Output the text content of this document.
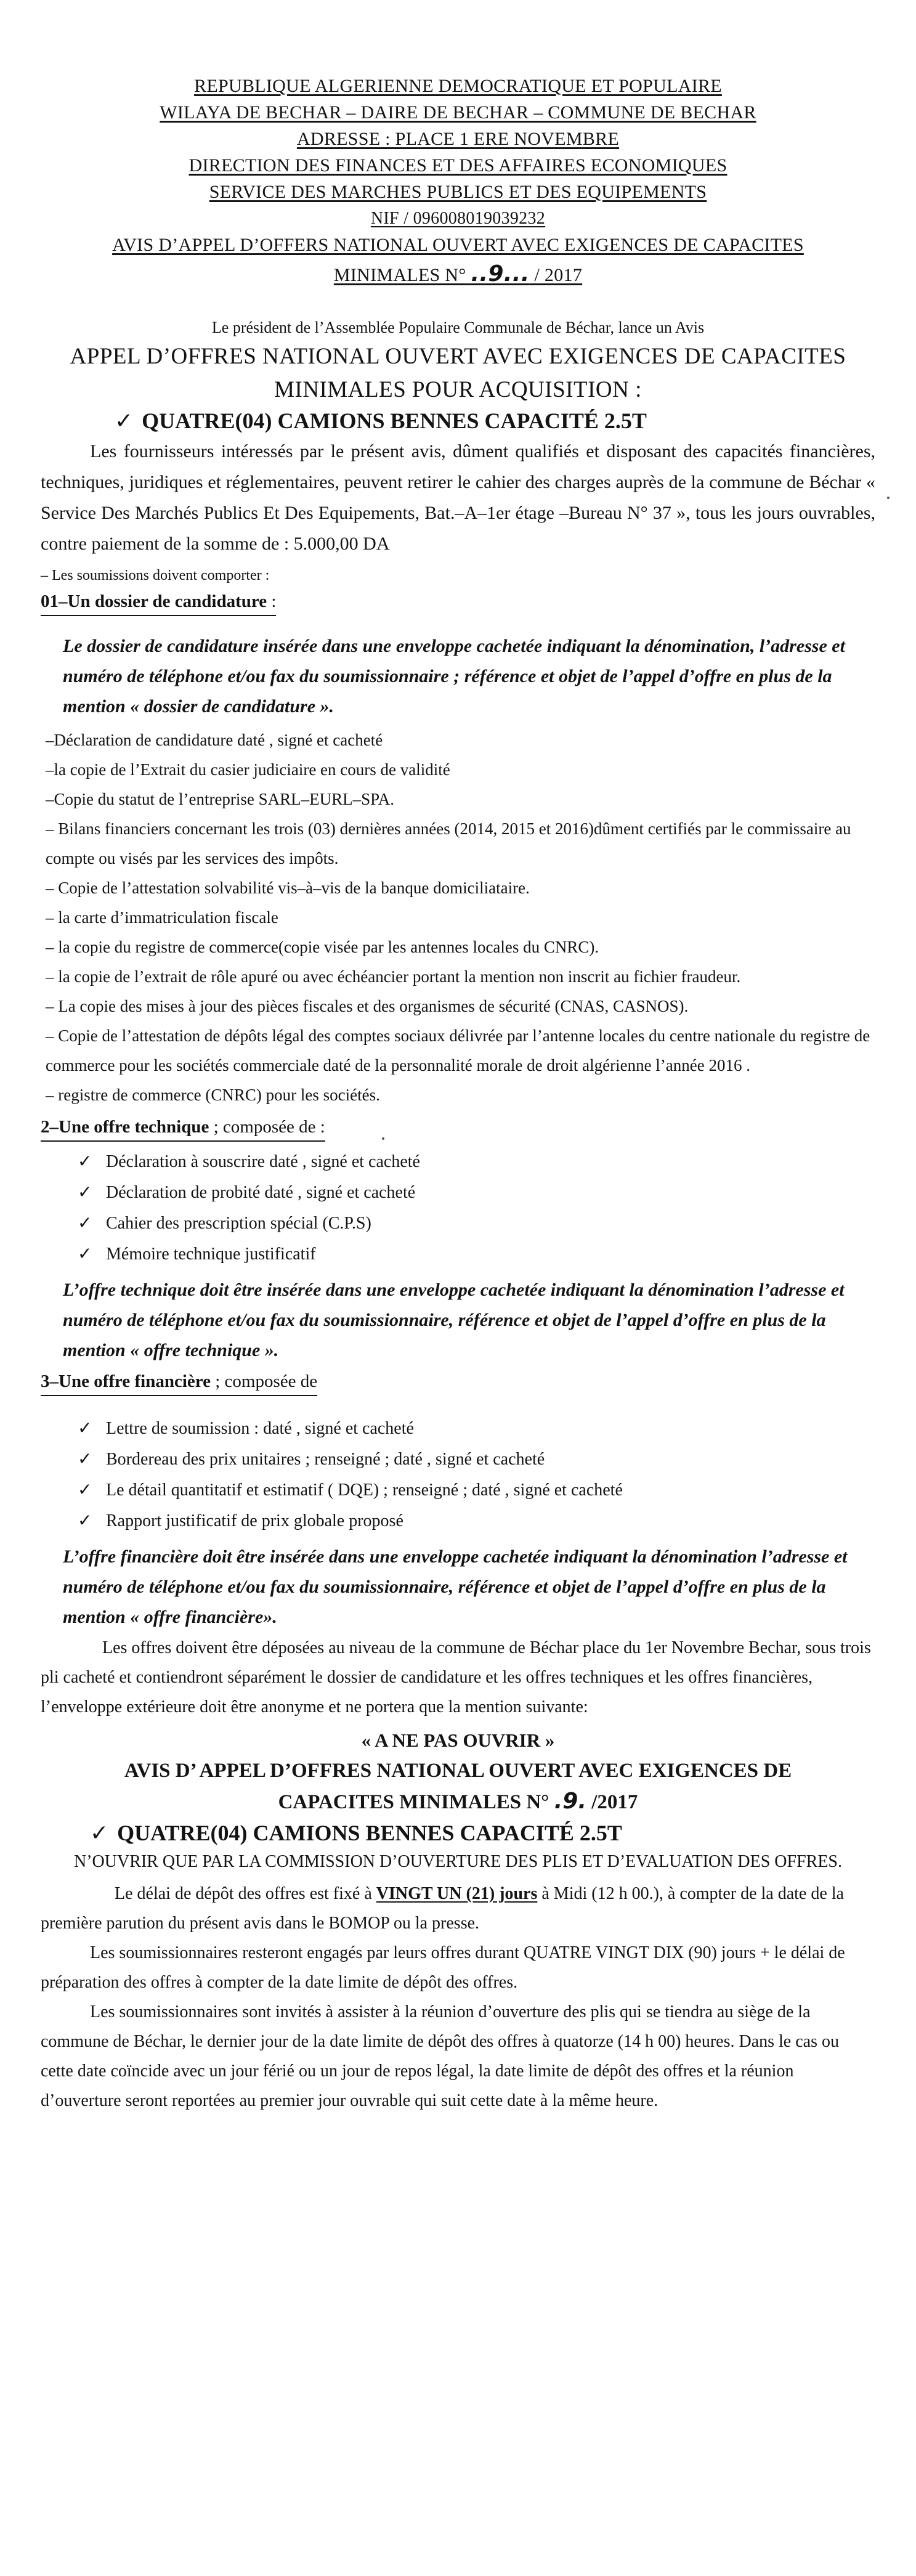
REPUBLIQUE ALGERIENNE DEMOCRATIQUE ET POPULAIRE
WILAYA DE BECHAR – DAIRE DE BECHAR – COMMUNE DE BECHAR
ADRESSE : PLACE 1 ERE NOVEMBRE
DIRECTION DES FINANCES ET DES AFFAIRES ECONOMIQUES
SERVICE DES MARCHES PUBLICS ET DES EQUIPEMENTS
NIF / 096008019039232
AVIS D’APPEL D’OFFERS NATIONAL OUVERT AVEC EXIGENCES DE CAPACITES
MINIMALES N° ..9... / 2017
Le président de l’Assemblée Populaire Communale de Béchar, lance un Avis
APPEL D’OFFRES NATIONAL OUVERT AVEC EXIGENCES DE CAPACITES
MINIMALES POUR ACQUISITION :
✓ QUATRE(04) CAMIONS BENNES CAPACITÉ 2.5T

Les fournisseurs intéressés par le présent avis, dûment qualifiés et disposant des capacités financières, techniques, juridiques et réglementaires, peuvent retirer le cahier des charges auprès de la commune de Béchar « Service Des Marchés Publics Et Des Equipements, Bat.–A–1er étage –Bureau N° 37 », tous les jours ouvrables, contre paiement de la somme de : 5.000,00 DA

– Les soumissions doivent comporter :
01–Un dossier de candidature :
Le dossier de candidature insérée dans une enveloppe cachetée indiquant la dénomination, l’adresse et numéro de téléphone et/ou fax du soumissionnaire ; référence et objet de l’appel d’offre en plus de la mention « dossier de candidature ».
–Déclaration de candidature daté , signé et cacheté
–la copie de l’Extrait du casier judiciaire en cours de validité
–Copie du statut de l’entreprise SARL–EURL–SPA.
– Bilans financiers concernant les trois (03) dernières années (2014, 2015 et 2016)dûment certifiés par le commissaire au compte ou visés par les services des impôts.
– Copie de l’attestation solvabilité vis–à–vis de la banque domiciliataire.
– la carte d’immatriculation fiscale
– la copie du registre de commerce(copie visée par les antennes locales du CNRC).
– la copie de l’extrait de rôle apuré ou avec échéancier portant la mention non inscrit au fichier fraudeur.
– La copie des mises à jour des pièces fiscales et des organismes de sécurité (CNAS, CASNOS).
– Copie de l’attestation de dépôts légal des comptes sociaux délivrée par l’antenne locales du centre nationale du registre de commerce pour les sociétés commerciale daté de la personnalité morale de droit algérienne l’année 2016 .
– registre de commerce (CNRC) pour les sociétés.
2–Une offre technique ; composée de :
✓ Déclaration à souscrire daté , signé et cacheté
✓ Déclaration de probité daté , signé et cacheté
✓ Cahier des prescription spécial (C.P.S)
✓ Mémoire technique justificatif
L’offre technique doit être insérée dans une enveloppe cachetée indiquant la dénomination l’adresse et numéro de téléphone et/ou fax du soumissionnaire, référence et objet de l’appel d’offre en plus de la mention « offre technique ».
3–Une offre financière ; composée de
✓ Lettre de soumission : daté , signé et cacheté
✓ Bordereau des prix unitaires ; renseigné ; daté , signé et cacheté
✓ Le détail quantitatif et estimatif ( DQE) ; renseigné ; daté , signé et cacheté
✓ Rapport justificatif de prix globale proposé
L’offre financière doit être insérée dans une enveloppe cachetée indiquant la dénomination l’adresse et numéro de téléphone et/ou fax du soumissionnaire, référence et objet de l’appel d’offre en plus de la mention « offre financière».

Les offres doivent être déposées au niveau de la commune de Béchar place du 1er Novembre Bechar, sous trois pli cacheté et contiendront séparément le dossier de candidature et les offres techniques et les offres financières, l’enveloppe extérieure doit être anonyme et ne portera que la mention suivante:

« A NE PAS OUVRIR »
AVIS D’ APPEL D’OFFRES NATIONAL OUVERT AVEC EXIGENCES DE
CAPACITES MINIMALES N° .9. /2017
✓ QUATRE(04) CAMIONS BENNES CAPACITÉ 2.5T
N’OUVRIR QUE PAR LA COMMISSION D’OUVERTURE DES PLIS ET D’EVALUATION DES OFFRES.

Le délai de dépôt des offres est fixé à VINGT UN (21) jours à Midi (12 h 00.), à compter de la date de la première parution du présent avis dans le BOMOP ou la presse.

Les soumissionnaires resteront engagés par leurs offres durant QUATRE VINGT DIX (90) jours + le délai de préparation des offres à compter de la date limite de dépôt des offres.

Les soumissionnaires sont invités à assister à la réunion d’ouverture des plis qui se tiendra au siège de la commune de Béchar, le dernier jour de la date limite de dépôt des offres à quatorze (14 h 00) heures. Dans le cas ou cette date coïncide avec un jour férié ou un jour de repos légal, la date limite de dépôt des offres et la réunion d’ouverture seront reportées au premier jour ouvrable qui suit cette date à la même heure.
